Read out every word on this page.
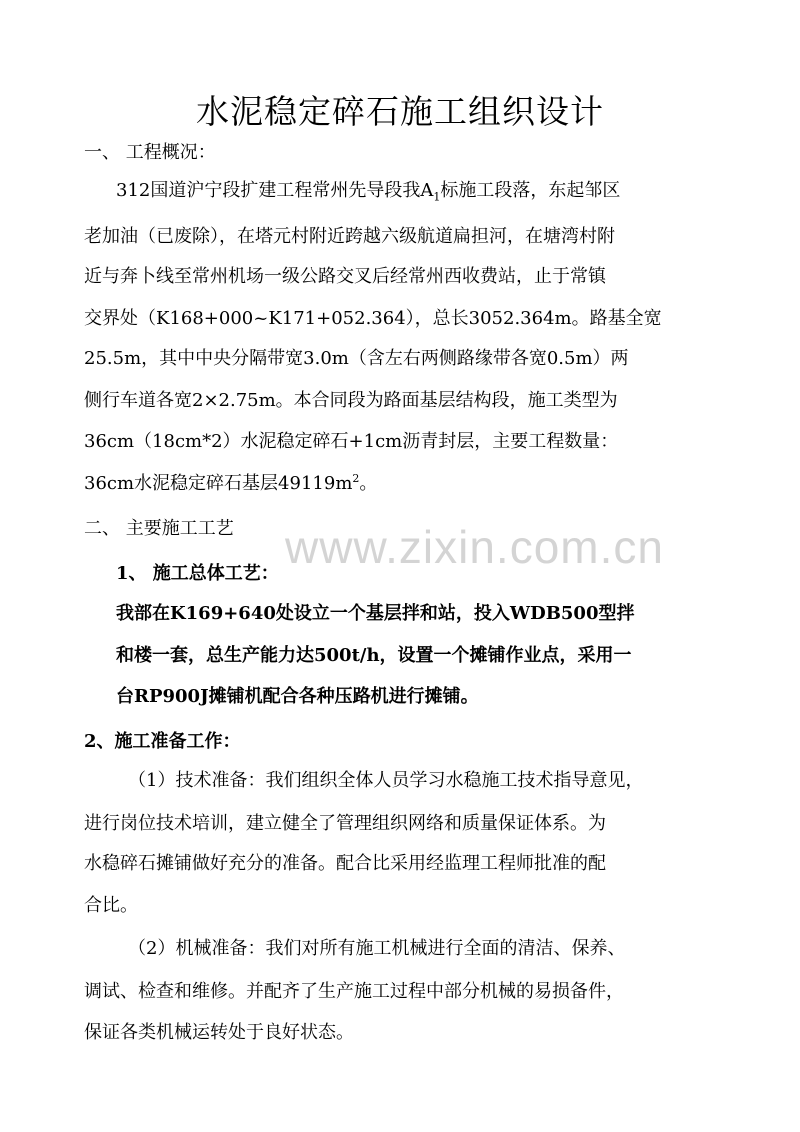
www.zixin.com.cn
水泥稳定碎石施工组织设计
一、 工程概况：
312国道沪宁段扩建工程常州先导段我$A_1$标施工段落，东起邹区
老加油（已废除），在塔元村附近跨越六级航道扁担河，在塘湾村附
近与奔卜线至常州机场一级公路交叉后经常州西收费站，止于常镇
交界处（K168+000~K171+052.364），总长3052.364m。路基全宽
25.5m，其中中央分隔带宽3.0m（含左右两侧路缘带各宽0.5m）两
侧行车道各宽2×2.75m。本合同段为路面基层结构段，施工类型为
36cm（18cm*2）水泥稳定碎石+1cm沥青封层，主要工程数量：
36cm水泥稳定碎石基层$49119m^2$。
二、 主要施工工艺
1、 施工总体工艺：
我部在K169+640处设立一个基层拌和站，投入WDB500型拌
和楼一套，总生产能力达500t/h，设置一个摊铺作业点，采用一
台RP900J摊铺机配合各种压路机进行摊铺。
2、施工准备工作：
（1）技术准备：我们组织全体人员学习水稳施工技术指导意见，
进行岗位技术培训，建立健全了管理组织网络和质量保证体系。为
水稳碎石摊铺做好充分的准备。配合比采用经监理工程师批准的配
合比。
（2）机械准备：我们对所有施工机械进行全面的清洁、保养、
调试、检查和维修。并配齐了生产施工过程中部分机械的易损备件，
保证各类机械运转处于良好状态。
